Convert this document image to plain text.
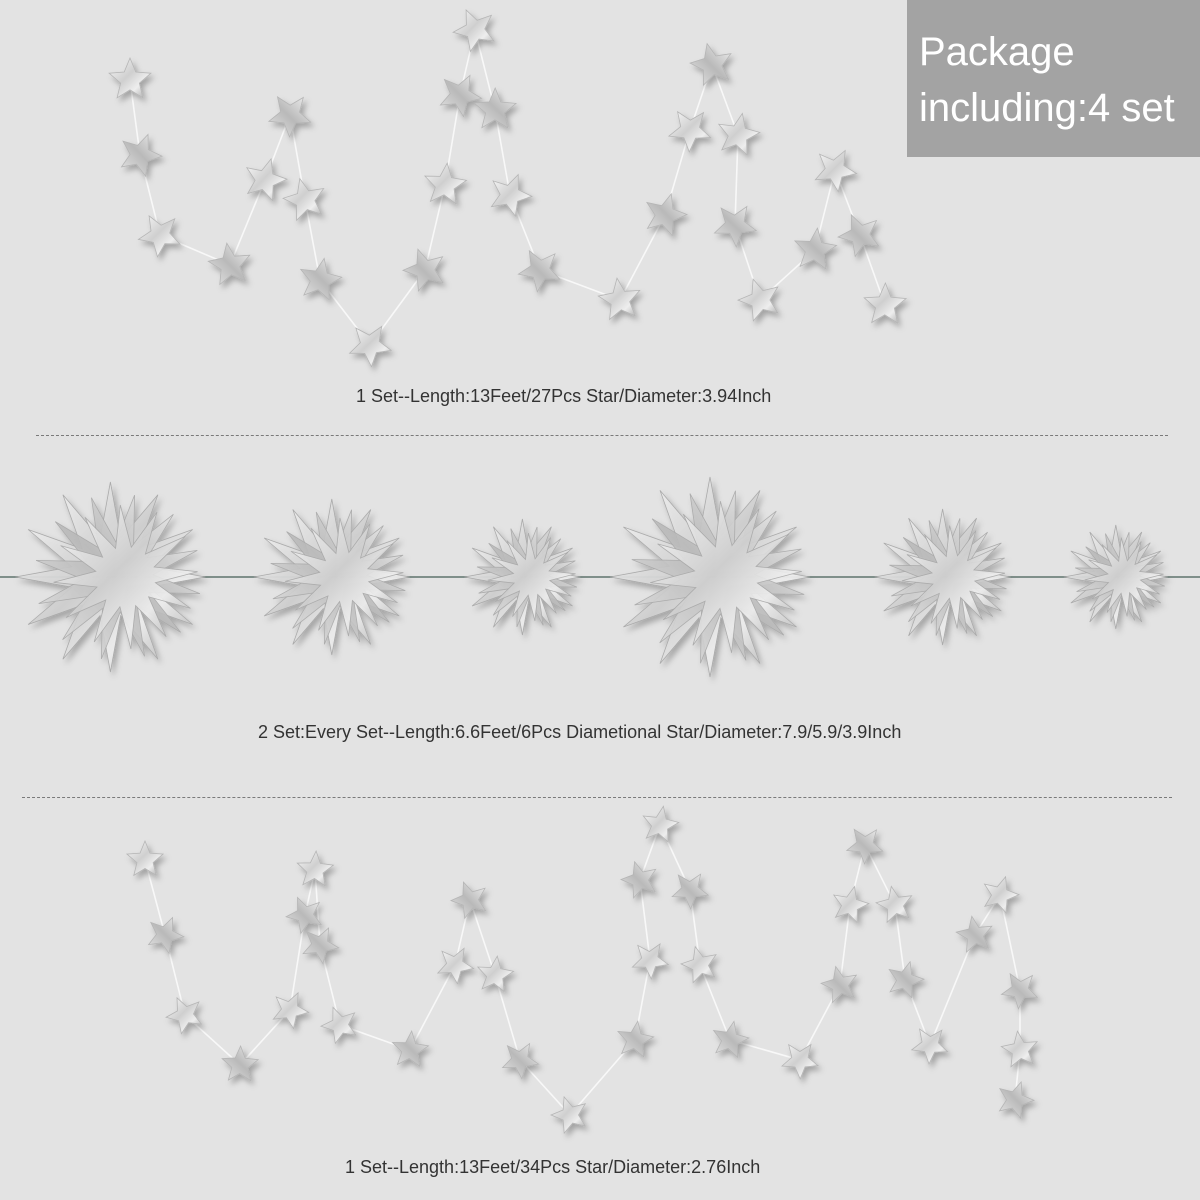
Package
including:4 set
1 Set--Length:13Feet/27Pcs Star/Diameter:3.94Inch
2 Set:Every Set--Length:6.6Feet/6Pcs Diametional Star/Diameter:7.9/5.9/3.9Inch
1 Set--Length:13Feet/34Pcs Star/Diameter:2.76Inch
